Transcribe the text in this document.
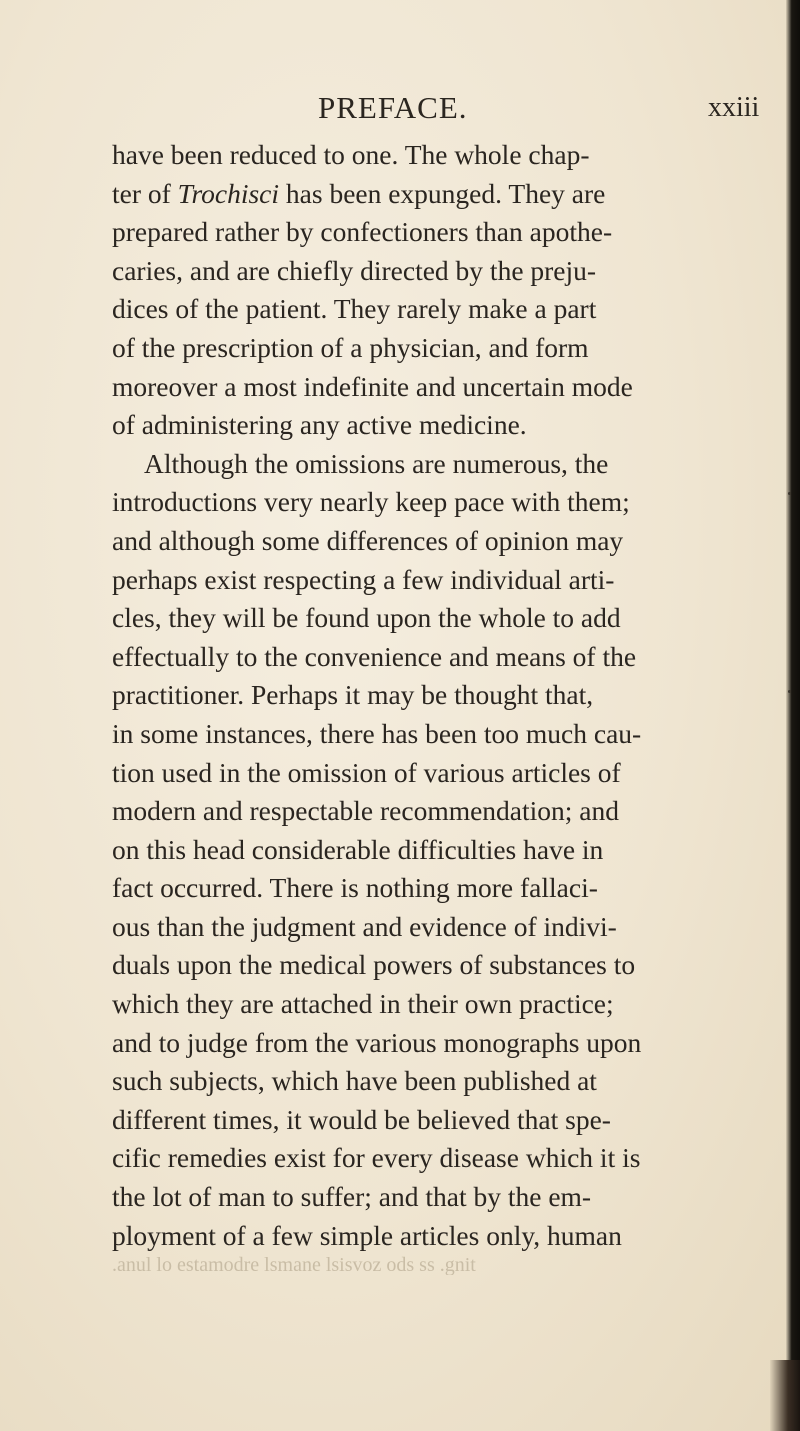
PREFACE.	xxiii
have been reduced to one. The whole chap-
ter of Trochisci has been expunged. They are
prepared rather by confectioners than apothe-
caries, and are chiefly directed by the preju-
dices of the patient. They rarely make a part
of the prescription of a physician, and form
moreover a most indefinite and uncertain mode
of administering any active medicine.
Although the omissions are numerous, the
introductions very nearly keep pace with them;
and although some differences of opinion may
perhaps exist respecting a few individual arti-
cles, they will be found upon the whole to add
effectually to the convenience and means of the
practitioner. Perhaps it may be thought that,
in some instances, there has been too much cau-
tion used in the omission of various articles of
modern and respectable recommendation; and
on this head considerable difficulties have in
fact occurred. There is nothing more fallaci-
ous than the judgment and evidence of indivi-
duals upon the medical powers of substances to
which they are attached in their own practice;
and to judge from the various monographs upon
such subjects, which have been published at
different times, it would be believed that spe-
cific remedies exist for every disease which it is
the lot of man to suffer; and that by the em-
ployment of a few simple articles only, human
.anul lo estamodre lsmane lsisvoz ods ss .gnit
